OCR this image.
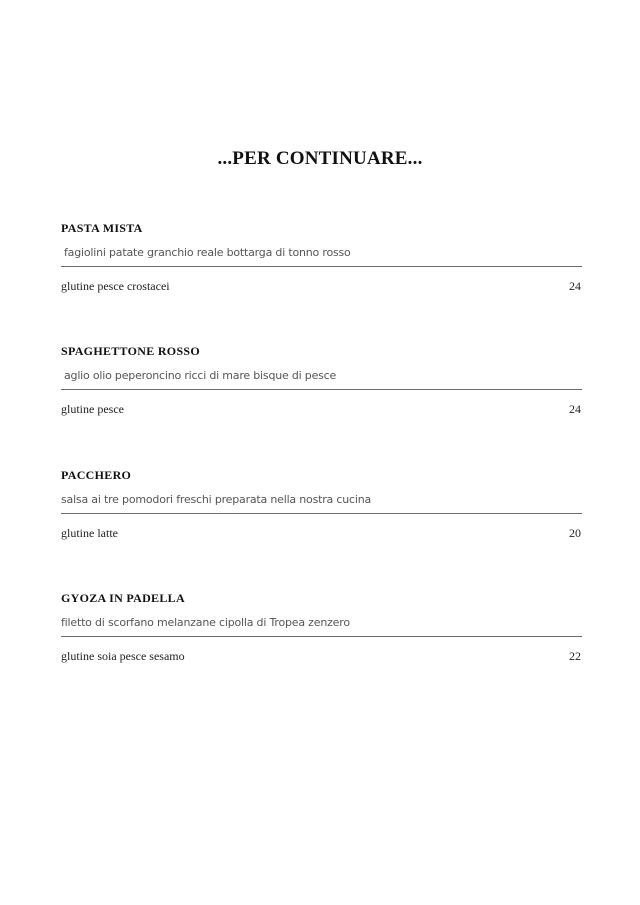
...PER CONTINUARE...
PASTA MISTA
fagiolini patate granchio reale bottarga di tonno rosso
glutine pesce crostacei	24
SPAGHETTONE ROSSO
aglio olio peperoncino ricci di mare bisque di pesce
glutine pesce	24
PACCHERO
salsa ai tre pomodori freschi preparata nella nostra cucina
glutine latte	20
GYOZA IN PADELLA
filetto di scorfano melanzane cipolla di Tropea zenzero
glutine soia pesce sesamo	22
